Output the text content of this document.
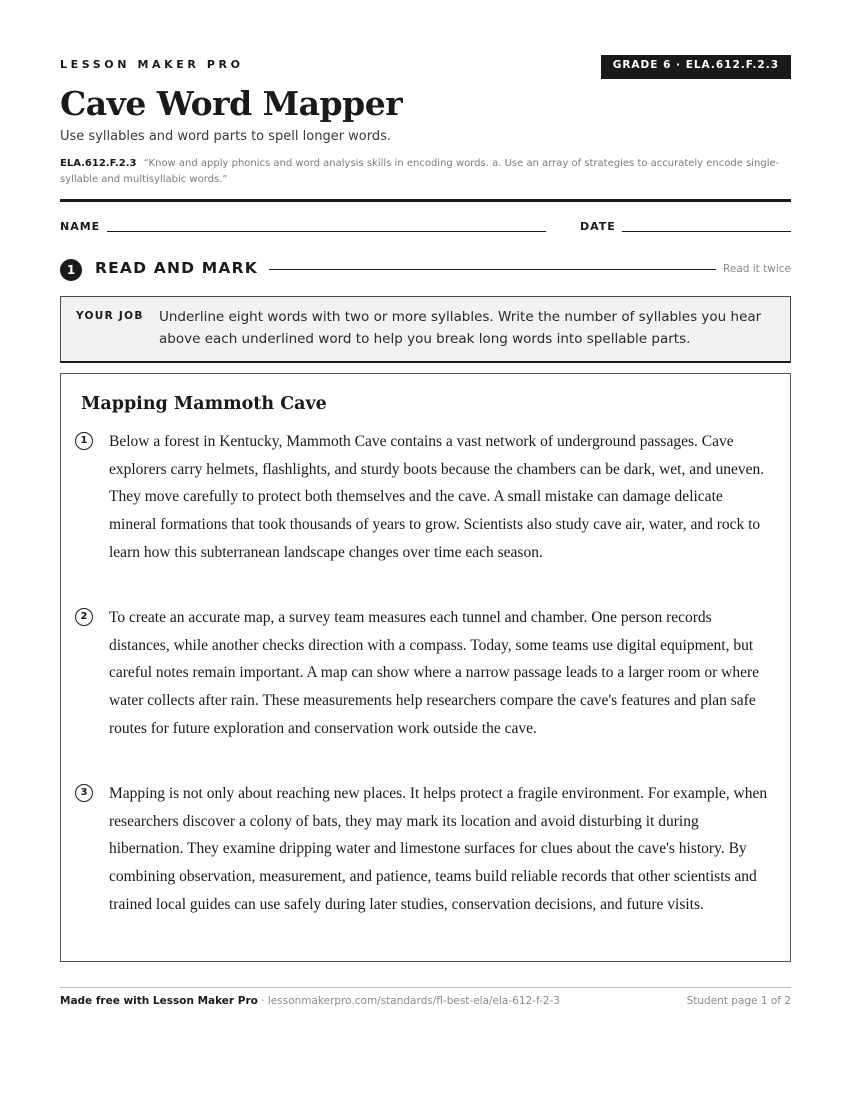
LESSON MAKER PRO	GRADE 6 · ELA.612.F.2.3
Cave Word Mapper
Use syllables and word parts to spell longer words.
ELA.612.F.2.3 “Know and apply phonics and word analysis skills in encoding words. a. Use an array of strategies to accurately encode single-syllable and multisyllabic words.”
NAME	DATE
1	READ AND MARK	Read it twice
YOUR JOB Underline eight words with two or more syllables. Write the number of syllables you hear above each underlined word to help you break long words into spellable parts.
Mapping Mammoth Cave
1	Below a forest in Kentucky, Mammoth Cave contains a vast network of underground passages. Cave explorers carry helmets, flashlights, and sturdy boots because the chambers can be dark, wet, and uneven. They move carefully to protect both themselves and the cave. A small mistake can damage delicate mineral formations that took thousands of years to grow. Scientists also study cave air, water, and rock to learn how this subterranean landscape changes over time each season.

2	To create an accurate map, a survey team measures each tunnel and chamber. One person records distances, while another checks direction with a compass. Today, some teams use digital equipment, but careful notes remain important. A map can show where a narrow passage leads to a larger room or where water collects after rain. These measurements help researchers compare the cave's features and plan safe routes for future exploration and conservation work outside the cave.

3	Mapping is not only about reaching new places. It helps protect a fragile environment. For example, when researchers discover a colony of bats, they may mark its location and avoid disturbing it during hibernation. They examine dripping water and limestone surfaces for clues about the cave's history. By combining observation, measurement, and patience, teams build reliable records that other scientists and trained local guides can use safely during later studies, conservation decisions, and future visits.

Made free with Lesson Maker Pro · lessonmakerpro.com/standards/fl-best-ela/ela-612-f-2-3	Student page 1 of 2
